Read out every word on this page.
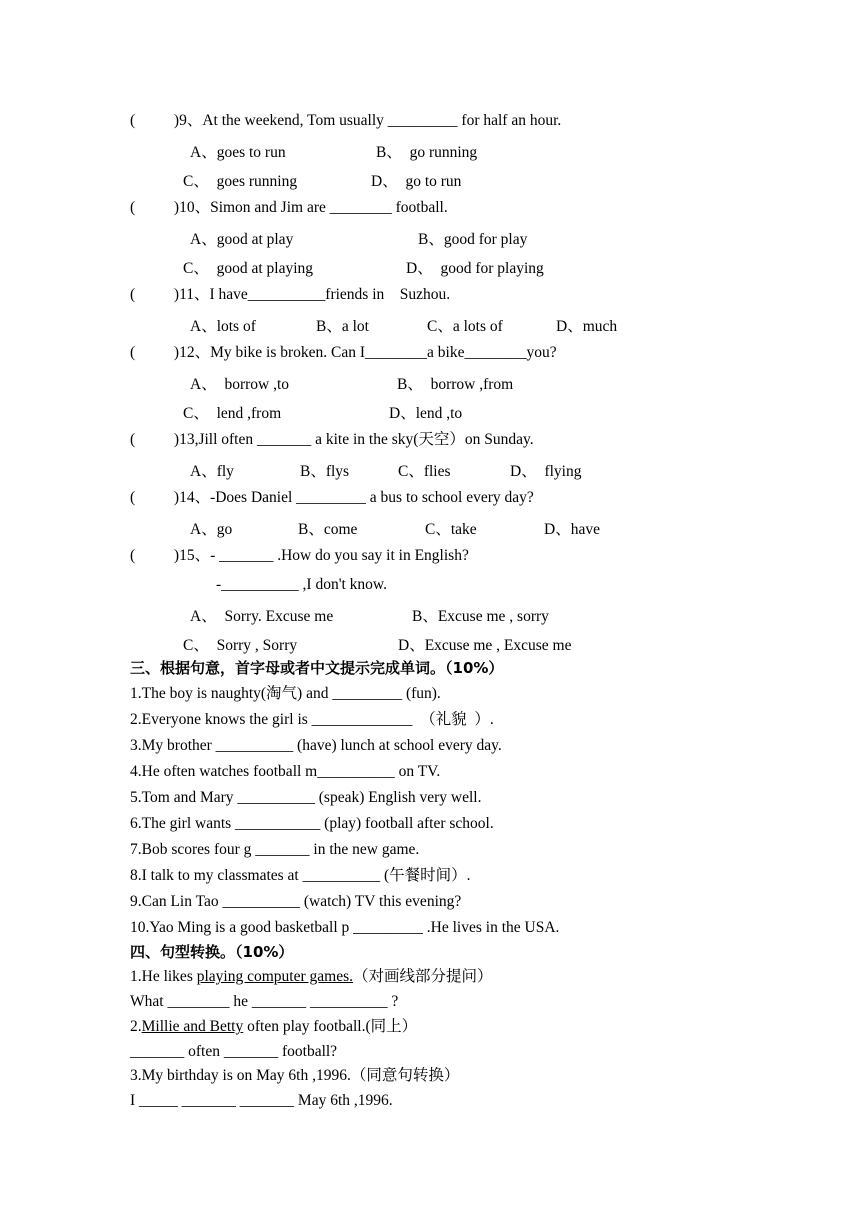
(          )9、At the weekend, Tom usually _________ for half an hour.
A、goes to run	B、  go running
C、  goes running	D、  go to run
(          )10、Simon and Jim are ________ football.
A、good at play	B、good for play
C、  good at playing	D、  good for playing
(          )11、I have__________friends in    Suzhou.
A、lots of	B、a lot	C、a lots of	D、much
(          )12、My bike is broken. Can I________a bike________you?
A、  borrow ,to	B、  borrow ,from
C、  lend ,from	D、lend ,to
(          )13,Jill often _______ a kite in the sky(天空）on Sunday.
A、fly	B、flys	C、flies	D、  flying
(          )14、-Does Daniel _________ a bus to school every day?
A、go	B、come	C、take	D、have
(          )15、- _______ .How do you say it in English?
-__________ ,I don't know.
A、  Sorry. Excuse me	B、Excuse me , sorry
C、  Sorry , Sorry	D、Excuse me , Excuse me
三、根据句意，首字母或者中文提示完成单词。（10%）
1.The boy is naughty(淘气) and _________ (fun).
2.Everyone knows the girl is _____________  （礼貌  ）.
3.My brother __________ (have) lunch at school every day.
4.He often watches football m__________ on TV.
5.Tom and Mary __________ (speak) English very well.
6.The girl wants ___________ (play) football after school.
7.Bob scores four g _______ in the new game.
8.I talk to my classmates at __________ (午餐时间）.
9.Can Lin Tao __________ (watch) TV this evening?
10.Yao Ming is a good basketball p _________ .He lives in the USA.
四、句型转换。（10%）
1.He likes playing computer games.（对画线部分提问）
What ________ he _______ __________ ?
2.Millie and Betty often play football.(同上）
_______ often _______ football?
3.My birthday is on May 6th ,1996.（同意句转换）
I _____ _______ _______ May 6th ,1996.
